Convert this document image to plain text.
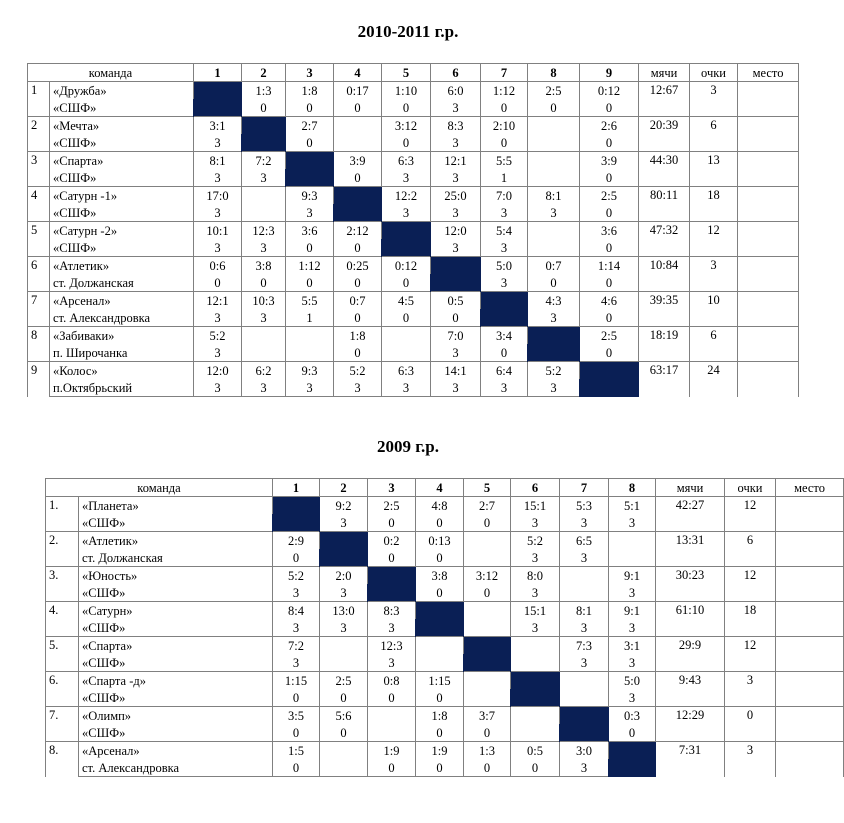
2010-2011 г.р.
команда		1	2	3	4	5	6	7	8	9	мячи	очки	место
1	«Дружба»		1:3	1:8	0:17	1:10	6:0	1:12	2:5	0:12	12:67	3	
	«СШФ»		0	0	0	0	3	0	0	0			
2	«Мечта»	3:1		2:7		3:12	8:3	2:10		2:6	20:39	6	
	«СШФ»	3		0		0	3	0		0			
3	«Спарта»	8:1	7:2		3:9	6:3	12:1	5:5		3:9	44:30	13	
	«СШФ»	3	3		0	3	3	1		0			
4	«Сатурн -1»	17:0		9:3		12:2	25:0	7:0	8:1	2:5	80:11	18	
	«СШФ»	3		3		3	3	3	3	0			
5	«Сатурн -2»	10:1	12:3	3:6	2:12		12:0	5:4		3:6	47:32	12	
	«СШФ»	3	3	0	0		3	3		0			
6	«Атлетик»	0:6	3:8	1:12	0:25	0:12		5:0	0:7	1:14	10:84	3	
	ст. Должанская	0	0	0	0	0		3	0	0			
7	«Арсенал»	12:1	10:3	5:5	0:7	4:5	0:5		4:3	4:6	39:35	10	
	ст. Александровка	3	3	1	0	0	0		3	0			
8	«Забиваки»	5:2			1:8		7:0	3:4		2:5	18:19	6	
	п. Широчанка	3			0		3	0		0			
9	«Колос»	12:0	6:2	9:3	5:2	6:3	14:1	6:4	5:2		63:17	24	
	п.Октябрьский	3	3	3	3	3	3	3	3				
2009 г.р.
команда		1	2	3	4	5	6	7	8	мячи	очки	место
1.	«Планета»		9:2	2:5	4:8	2:7	15:1	5:3	5:1	42:27	12	
	«СШФ»		3	0	0	0	3	3	3			
2.	«Атлетик»	2:9		0:2	0:13		5:2	6:5		13:31	6	
	ст. Должанская	0		0	0		3	3				
3.	«Юность»	5:2	2:0		3:8	3:12	8:0		9:1	30:23	12	
	«СШФ»	3	3		0	0	3		3			
4.	«Сатурн»	8:4	13:0	8:3			15:1	8:1	9:1	61:10	18	
	«СШФ»	3	3	3			3	3	3			
5.	«Спарта»	7:2		12:3				7:3	3:1	29:9	12	
	«СШФ»	3		3				3	3			
6.	«Спарта -д»	1:15	2:5	0:8	1:15				5:0	9:43	3	
	«СШФ»	0	0	0	0				3			
7.	«Олимп»	3:5	5:6		1:8	3:7			0:3	12:29	0	
	«СШФ»	0	0		0	0			0			
8.	«Арсенал»	1:5		1:9	1:9	1:3	0:5	3:0		7:31	3	
	ст. Александровка	0		0	0	0	0	3				
